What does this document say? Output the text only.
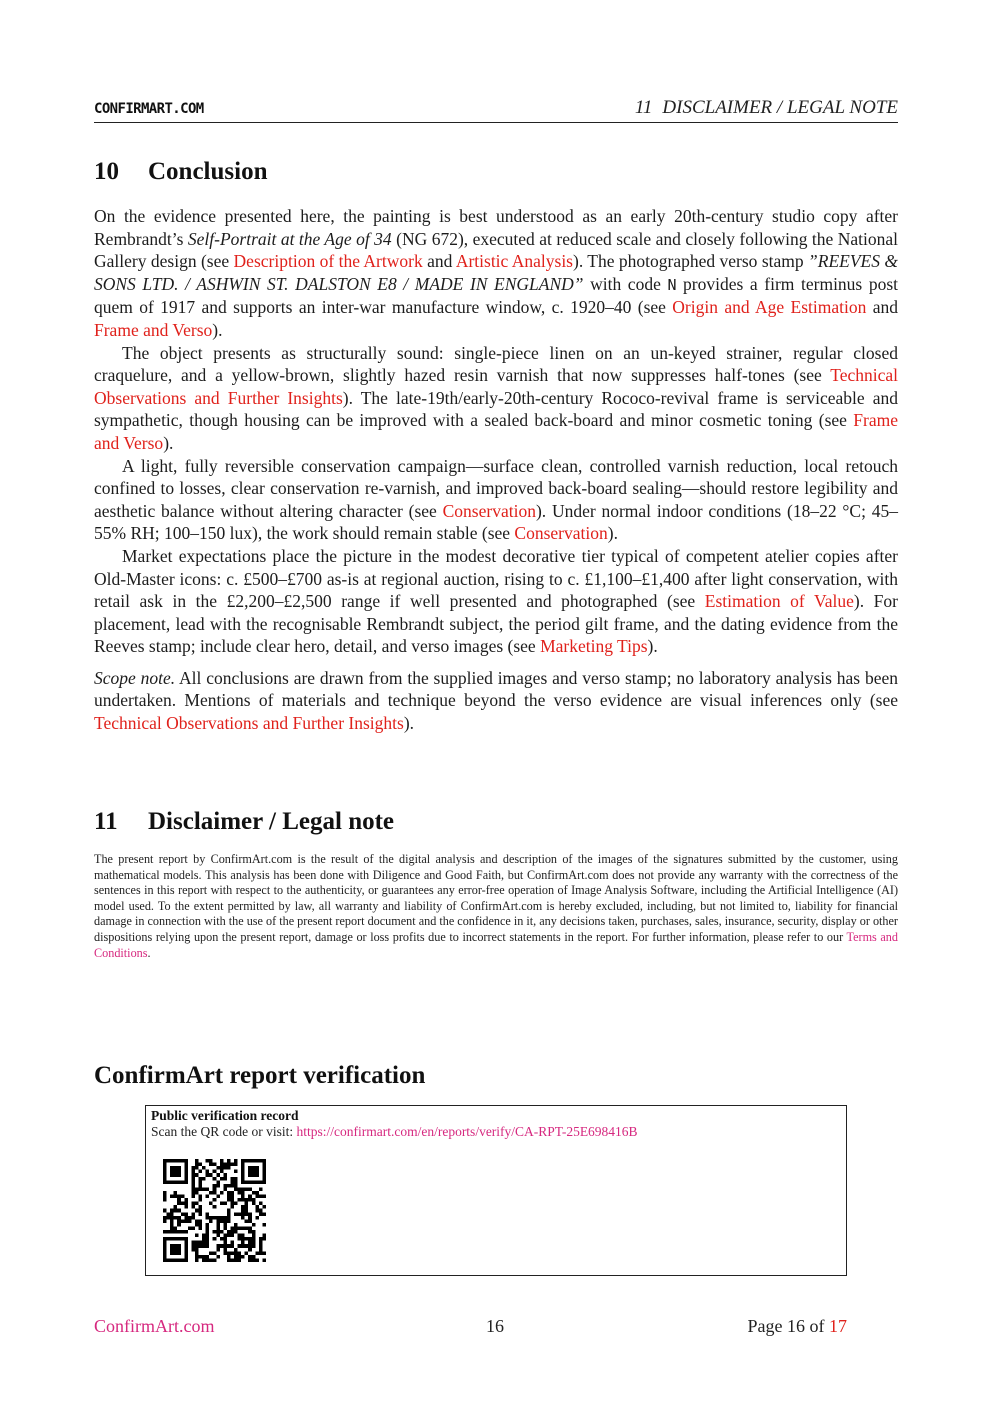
CONFIRMART.COM	11 DISCLAIMER / LEGAL NOTE
10 Conclusion

On the evidence presented here, the painting is best understood as an early 20th-century studio copy after Rembrandt’s Self-Portrait at the Age of 34 (NG 672), executed at reduced scale and closely following the National Gallery design (see Description of the Artwork and Artistic Analysis). The photographed verso stamp ”REEVES & SONS LTD. / ASHWIN ST. DALSTON E8 / MADE IN ENGLAND” with code N provides a firm terminus post quem of 1917 and supports an inter-war manufacture window, c. 1920–40 (see Origin and Age Estimation and Frame and Verso).

The object presents as structurally sound: single-piece linen on an un-keyed strainer, regular closed craquelure, and a yellow-brown, slightly hazed resin varnish that now suppresses half-tones (see Technical Observations and Further Insights). The late-19th/early-20th-century Rococo-revival frame is serviceable and sympathetic, though housing can be improved with a sealed back-board and minor cosmetic toning (see Frame and Verso).

A light, fully reversible conservation campaign—surface clean, controlled varnish reduction, local retouch confined to losses, clear conservation re-varnish, and improved back-board sealing—should restore legibility and aesthetic balance without altering character (see Conservation). Under normal indoor conditions (18–22 °C; 45–55% RH; 100–150 lux), the work should remain stable (see Conservation).

Market expectations place the picture in the modest decorative tier typical of competent atelier copies after Old-Master icons: c. £500–£700 as-is at regional auction, rising to c. £1,100–£1,400 after light conservation, with retail ask in the £2,200–£2,500 range if well presented and photographed (see Estimation of Value). For placement, lead with the recognisable Rembrandt subject, the period gilt frame, and the dating evidence from the Reeves stamp; include clear hero, detail, and verso images (see Marketing Tips).

Scope note. All conclusions are drawn from the supplied images and verso stamp; no laboratory analysis has been undertaken. Mentions of materials and technique beyond the verso evidence are visual inferences only (see Technical Observations and Further Insights).

11 Disclaimer / Legal note
The present report by ConfirmArt.com is the result of the digital analysis and description of the images of the signatures submitted by the customer, using mathematical models. This analysis has been done with Diligence and Good Faith, but ConfirmArt.com does not provide any warranty with the correctness of the sentences in this report with respect to the authenticity, or guarantees any error-free operation of Image Analysis Software, including the Artificial Intelligence (AI) model used. To the extent permitted by law, all warranty and liability of ConfirmArt.com is hereby excluded, including, but not limited to, liability for financial damage in connection with the use of the present report document and the confidence in it, any decisions taken, purchases, sales, insurance, security, display or other dispositions relying upon the present report, damage or loss profits due to incorrect statements in the report. For further information, please refer to our Terms and Conditions.
ConfirmArt report verification
Public verification record
Scan the QR code or visit: https://confirmart.com/en/reports/verify/CA-RPT-25E698416B
ConfirmArt.com	16	Page 16 of 17
